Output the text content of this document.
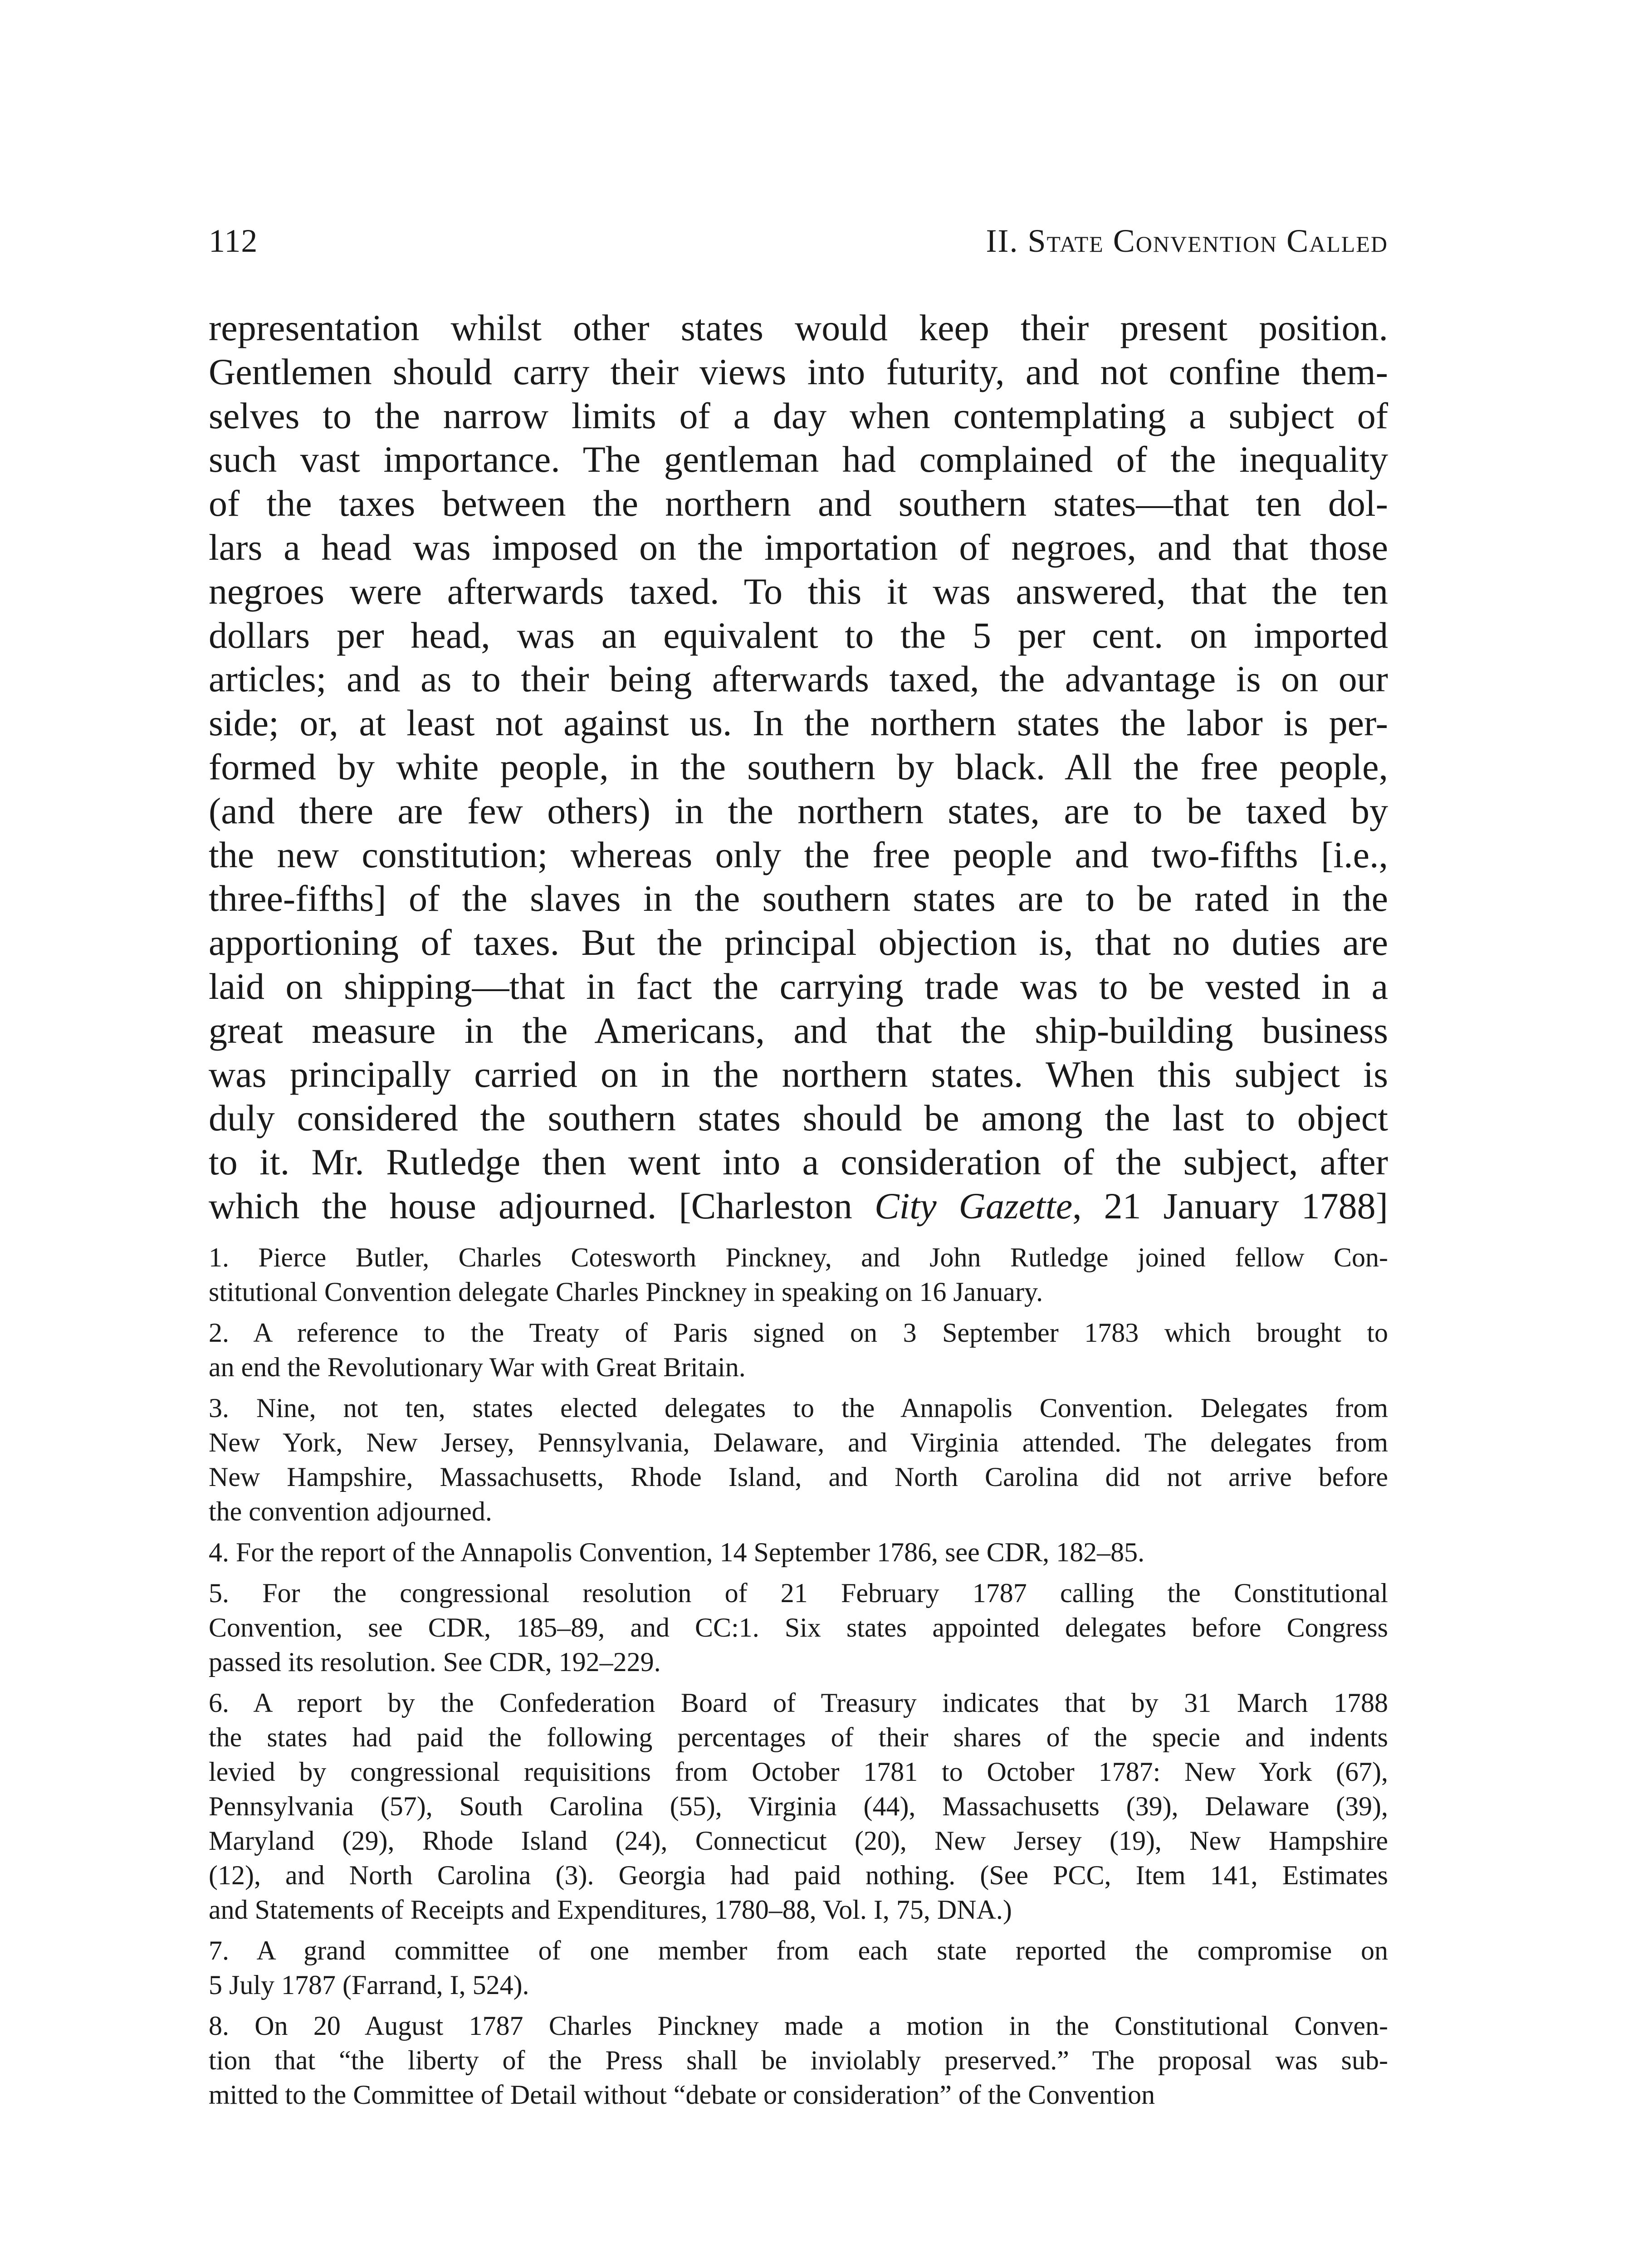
112	II. State Convention Called
representation whilst other states would keep their present position.
Gentlemen should carry their views into futurity, and not confine them-
selves to the narrow limits of a day when contemplating a subject of
such vast importance. The gentleman had complained of the inequality
of the taxes between the northern and southern states—that ten dol-
lars a head was imposed on the importation of negroes, and that those
negroes were afterwards taxed. To this it was answered, that the ten
dollars per head, was an equivalent to the 5 per cent. on imported
articles; and as to their being afterwards taxed, the advantage is on our
side; or, at least not against us. In the northern states the labor is per-
formed by white people, in the southern by black. All the free people,
(and there are few others) in the northern states, are to be taxed by
the new constitution; whereas only the free people and two-fifths [i.e.,
three-fifths] of the slaves in the southern states are to be rated in the
apportioning of taxes. But the principal objection is, that no duties are
laid on shipping—that in fact the carrying trade was to be vested in a
great measure in the Americans, and that the ship-building business
was principally carried on in the northern states. When this subject is
duly considered the southern states should be among the last to object
to it. Mr. Rutledge then went into a consideration of the subject, after
which the house adjourned. [Charleston City Gazette, 21 January 1788]
1. Pierce Butler, Charles Cotesworth Pinckney, and John Rutledge joined fellow Con-
stitutional Convention delegate Charles Pinckney in speaking on 16 January.
2. A reference to the Treaty of Paris signed on 3 September 1783 which brought to
an end the Revolutionary War with Great Britain.
3. Nine, not ten, states elected delegates to the Annapolis Convention. Delegates from
New York, New Jersey, Pennsylvania, Delaware, and Virginia attended. The delegates from
New Hampshire, Massachusetts, Rhode Island, and North Carolina did not arrive before
the convention adjourned.
4. For the report of the Annapolis Convention, 14 September 1786, see CDR, 182–85.
5. For the congressional resolution of 21 February 1787 calling the Constitutional
Convention, see CDR, 185–89, and CC:1. Six states appointed delegates before Congress
passed its resolution. See CDR, 192–229.
6. A report by the Confederation Board of Treasury indicates that by 31 March 1788
the states had paid the following percentages of their shares of the specie and indents
levied by congressional requisitions from October 1781 to October 1787: New York (67),
Pennsylvania (57), South Carolina (55), Virginia (44), Massachusetts (39), Delaware (39),
Maryland (29), Rhode Island (24), Connecticut (20), New Jersey (19), New Hampshire
(12), and North Carolina (3). Georgia had paid nothing. (See PCC, Item 141, Estimates
and Statements of Receipts and Expenditures, 1780–88, Vol. I, 75, DNA.)
7. A grand committee of one member from each state reported the compromise on
5 July 1787 (Farrand, I, 524).
8. On 20 August 1787 Charles Pinckney made a motion in the Constitutional Conven-
tion that “the liberty of the Press shall be inviolably preserved.” The proposal was sub-
mitted to the Committee of Detail without “debate or consideration” of the Convention
